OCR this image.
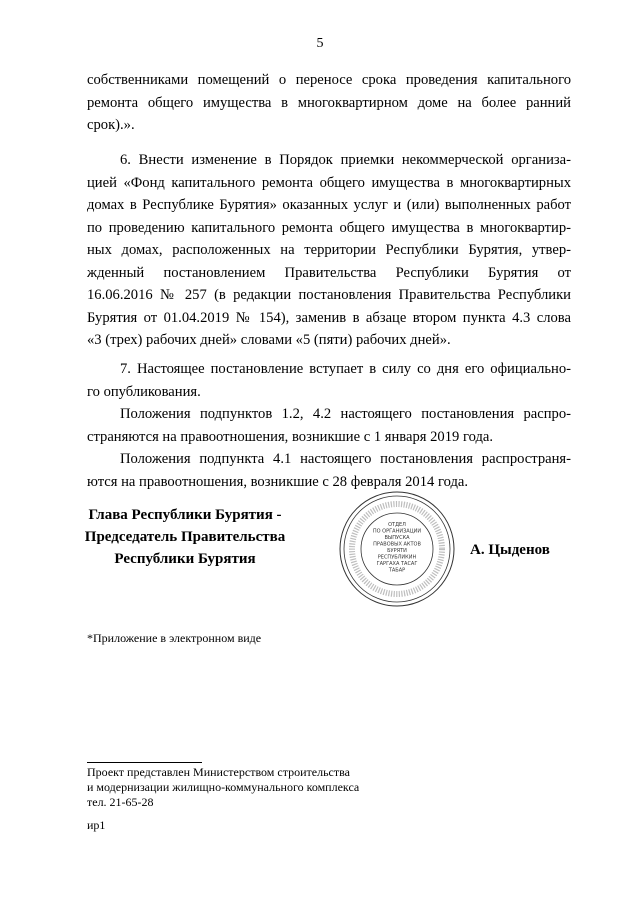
5
собственниками помещений о переносе срока проведения капитального
ремонта общего имущества в многоквартирном доме на более ранний
срок).».
6. Внести изменение в Порядок приемки некоммерческой организа-
цией «Фонд капитального ремонта общего имущества в многоквартирных
домах в Республике Бурятия» оказанных услуг и (или) выполненных работ
по проведению капитального ремонта общего имущества в многоквартир-
ных домах, расположенных на территории Республики Бурятия, утвер-
жденный постановлением Правительства Республики Бурятия от
16.06.2016 № 257 (в редакции постановления Правительства Республики
Бурятия от 01.04.2019 № 154), заменив в абзаце втором пункта 4.3 слова
«3 (трех) рабочих дней» словами «5 (пяти) рабочих дней».
7. Настоящее постановление вступает в силу со дня его официально-
го опубликования.
Положения подпунктов 1.2, 4.2 настоящего постановления распро-
страняются на правоотношения, возникшие с 1 января 2019 года.
Положения подпункта 4.1 настоящего постановления распространя-
ются на правоотношения, возникшие с 28 февраля 2014 года.
Глава Республики Бурятия -
Председатель Правительства
Республики Бурятия
ОТДЕЛ
ПО ОРГАНИЗАЦИИ
ВЫПУСКА
ПРАВОВЫХ АКТОВ
БУРЯТИ
РЕСПУБЛИКИН
ГАРГАХА ТАСАГ
ТАБАР
А. Цыденов
*Приложение в электронном виде
Проект представлен Министерством строительства
и модернизации жилищно-коммунального комплекса
тел. 21-65-28
ир1
